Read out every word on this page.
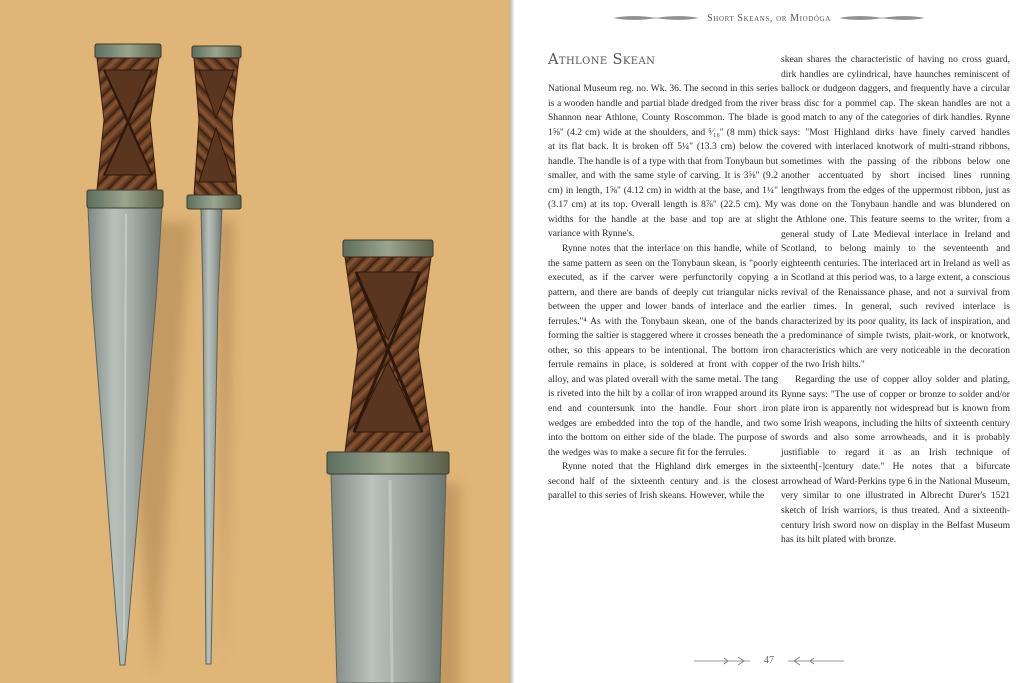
Short Skeans, or Miodóga
Athlone Skean

National Museum reg. no. Wk. 36. The second in this series is a wooden handle and partial blade dredged from the river Shannon near Athlone, County Roscommon. The blade is 1⅝" (4.2 cm) wide at the shoulders, and ⁵⁄₁₆" (8 mm) thick at its flat back. It is broken off 5¼" (13.3 cm) below the handle. The handle is of a type with that from Tonybaun but smaller, and with the same style of carving. It is 3⅝" (9.2 cm) in length, 1⅝" (4.12 cm) in width at the base, and 1¼" (3.17 cm) at its top. Overall length is 8⅞" (22.5 cm). My widths for the handle at the base and top are at slight variance with Rynne's.

Rynne notes that the interlace on this handle, while of the same pattern as seen on the Tonybaun skean, is "poorly executed, as if the carver were perfunctorily copying a pattern, and there are bands of deeply cut triangular nicks between the upper and lower bands of interlace and the ferrules."⁴ As with the Tonybaun skean, one of the bands forming the saltier is staggered where it crosses beneath the other, so this appears to be intentional. The bottom iron ferrule remains in place, is soldered at front with copper alloy, and was plated overall with the same metal. The tang is riveted into the hilt by a collar of iron wrapped around its end and countersunk into the handle. Four short iron wedges are embedded into the top of the handle, and two into the bottom on either side of the blade. The purpose of the wedges was to make a secure fit for the ferrules.

Rynne noted that the Highland dirk emerges in the second half of the sixteenth century and is the closest parallel to this series of Irish skeans. However, while the

skean shares the characteristic of having no cross guard, dirk handles are cylindrical, have haunches reminiscent of ballock or dudgeon daggers, and frequently have a circular brass disc for a pommel cap. The skean handles are not a good match to any of the categories of dirk handles. Rynne says: "Most Highland dirks have finely carved handles covered with interlaced knotwork of multi-strand ribbons, sometimes with the passing of the ribbons below one another accentuated by short incised lines running lengthways from the edges of the uppermost ribbon, just as was done on the Tonybaun handle and was blundered on the Athlone one. This feature seems to the writer, from a general study of Late Medieval interlace in Ireland and Scotland, to belong mainly to the seventeenth and eighteenth centuries. The interlaced art in Ireland as well as in Scotland at this period was, to a large extent, a conscious revival of the Renaissance phase, and not a survival from earlier times. In general, such revived interlace is characterized by its poor quality, its lack of inspiration, and a predominance of simple twists, plait-work, or knotwork, characteristics which are very noticeable in the decoration of the two Irish hilts."

Regarding the use of copper alloy solder and plating, Rynne says: "The use of copper or bronze to solder and/or plate iron is apparently not widespread but is known from some Irish weapons, including the hilts of sixteenth century swords and also some arrowheads, and it is probably justifiable to regard it as an Irish technique of sixteenth[-]century date." He notes that a bifurcate arrowhead of Ward-Perkins type 6 in the National Museum, very similar to one illustrated in Albrecht Durer's 1521 sketch of Irish warriors, is thus treated. And a sixteenth-century Irish sword now on display in the Belfast Museum has its hilt plated with bronze.

47
